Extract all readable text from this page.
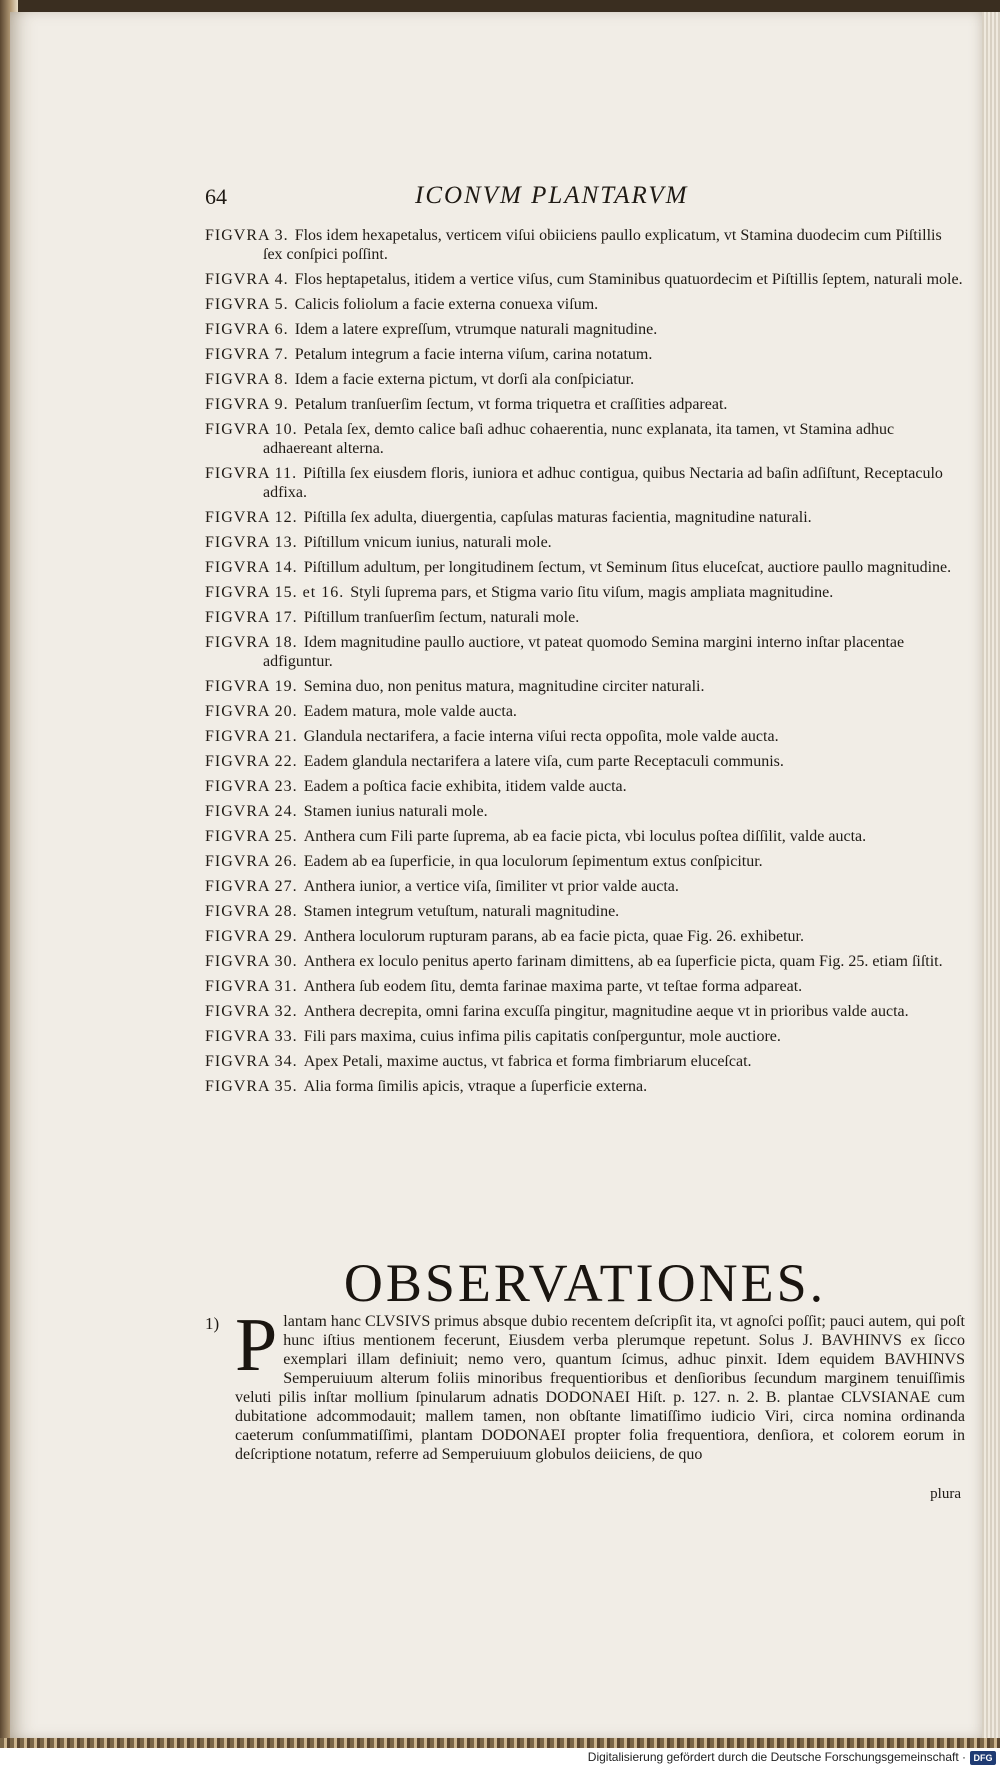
64	ICONVM PLANTARVM
FIGVRA 3. Flos idem hexapetalus, verticem viſui obiiciens paullo explicatum, vt Stamina duodecim cum Piſtillis ſex conſpici poſſint.
FIGVRA 4. Flos heptapetalus, itidem a vertice viſus, cum Staminibus quatuordecim et Piſtillis ſeptem, naturali mole.
FIGVRA 5. Calicis foliolum a facie externa conuexa viſum.
FIGVRA 6. Idem a latere expreſſum, vtrumque naturali magnitudine.
FIGVRA 7. Petalum integrum a facie interna viſum, carina notatum.
FIGVRA 8. Idem a facie externa pictum, vt dorſi ala conſpiciatur.
FIGVRA 9. Petalum tranſuerſim ſectum, vt forma triquetra et craſſities adpareat.
FIGVRA 10. Petala ſex, demto calice baſi adhuc cohaerentia, nunc explanata, ita tamen, vt Stamina adhuc adhaereant alterna.
FIGVRA 11. Piſtilla ſex eiusdem floris, iuniora et adhuc contigua, quibus Nectaria ad baſin adſiſtunt, Receptaculo adfixa.
FIGVRA 12. Piſtilla ſex adulta, diuergentia, capſulas maturas facientia, magnitudine naturali.
FIGVRA 13. Piſtillum vnicum iunius, naturali mole.
FIGVRA 14. Piſtillum adultum, per longitudinem ſectum, vt Seminum ſitus eluceſcat, auctiore paullo magnitudine.
FIGVRA 15. et 16. Styli ſuprema pars, et Stigma vario ſitu viſum, magis ampliata magnitudine.
FIGVRA 17. Piſtillum tranſuerſim ſectum, naturali mole.
FIGVRA 18. Idem magnitudine paullo auctiore, vt pateat quomodo Semina margini interno inſtar placentae adfiguntur.
FIGVRA 19. Semina duo, non penitus matura, magnitudine circiter naturali.
FIGVRA 20. Eadem matura, mole valde aucta.
FIGVRA 21. Glandula nectarifera, a facie interna viſui recta oppoſita, mole valde aucta.
FIGVRA 22. Eadem glandula nectarifera a latere viſa, cum parte Receptaculi communis.
FIGVRA 23. Eadem a poſtica facie exhibita, itidem valde aucta.
FIGVRA 24. Stamen iunius naturali mole.
FIGVRA 25. Anthera cum Fili parte ſuprema, ab ea facie picta, vbi loculus poſtea diſſilit, valde aucta.
FIGVRA 26. Eadem ab ea ſuperficie, in qua loculorum ſepimentum extus conſpicitur.
FIGVRA 27. Anthera iunior, a vertice viſa, ſimiliter vt prior valde aucta.
FIGVRA 28. Stamen integrum vetuſtum, naturali magnitudine.
FIGVRA 29. Anthera loculorum rupturam parans, ab ea facie picta, quae Fig. 26. exhibetur.
FIGVRA 30. Anthera ex loculo penitus aperto farinam dimittens, ab ea ſuperficie picta, quam Fig. 25. etiam ſiſtit.
FIGVRA 31. Anthera ſub eodem ſitu, demta farinae maxima parte, vt teſtae forma adpareat.
FIGVRA 32. Anthera decrepita, omni farina excuſſa pingitur, magnitudine aeque vt in prioribus valde aucta.
FIGVRA 33. Fili pars maxima, cuius infima pilis capitatis conſperguntur, mole auctiore.
FIGVRA 34. Apex Petali, maxime auctus, vt fabrica et forma fimbriarum eluceſcat.
FIGVRA 35. Alia forma ſimilis apicis, vtraque a ſuperficie externa.
OBSERVATIONES.
1) P lantam hanc CLVSIVS primus absque dubio recentem deſcripſit ita, vt agnoſci poſſit; pauci autem, qui poſt hunc iſtius mentionem fecerunt, Eiusdem verba plerumque repetunt. Solus J. BAVHINVS ex ſicco exemplari illam definiuit; nemo vero, quantum ſcimus, adhuc pinxit. Idem equidem BAVHINVS Semperuiuum alterum foliis minoribus frequentioribus et denſioribus ſecundum marginem tenuiſſimis veluti pilis inſtar mollium ſpinularum adnatis DODONAEI Hiſt. p. 127. n. 2. B. plantae CLVSIANAE cum dubitatione adcommodauit; mallem tamen, non obſtante limatiſſimo iudicio Viri, circa nomina ordinanda caeterum conſummatiſſimi, plantam DODONAEI propter folia frequentiora, denſiora, et colorem eorum in deſcriptione notatum, referre ad Semperuiuum globulos deiiciens, de quo
plura
Digitalisierung gefördert durch die Deutsche Forschungsgemeinschaft · DFG
